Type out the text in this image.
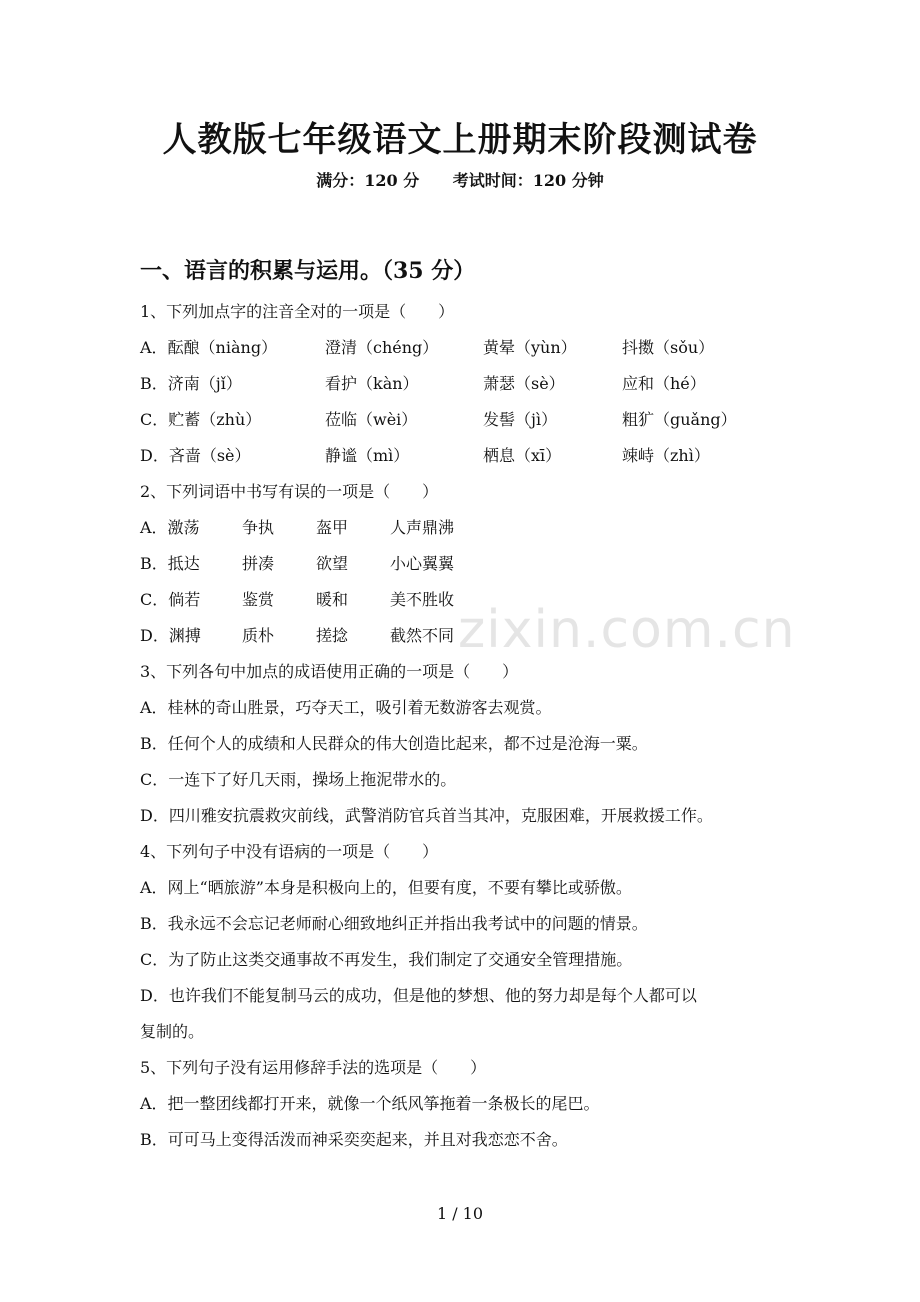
人教版七年级语文上册期末阶段测试卷
满分：120 分 考试时间：120 分钟
一、语言的积累与运用。（35 分）
1、下列加点字的注音全对的一项是（　　）
A．酝酿（niàng）	澄清（chéng）	黄晕（yùn）	抖擞（sǒu）
B．济南（jǐ）	看护（kàn）	萧瑟（sè）	应和（hé）
C．贮蓄（zhù）	莅临（wèi）	发髻（jì）	粗犷（guǎng）
D．吝啬（sè）	静谧（mì）	栖息（xī）	竦峙（zhì）
2、下列词语中书写有误的一项是（　　）
A．激荡	争执	盔甲	人声鼎沸
B．抵达	拼凑	欲望	小心翼翼
C．倘若	鉴赏	暖和	美不胜收
D．渊搏	质朴	搓捻	截然不同
3、下列各句中加点的成语使用正确的一项是（　　）
A．桂林的奇山胜景，巧夺天工，吸引着无数游客去观赏。
B．任何个人的成绩和人民群众的伟大创造比起来，都不过是沧海一粟。
C．一连下了好几天雨，操场上拖泥带水的。
D．四川雅安抗震救灾前线，武警消防官兵首当其冲，克服困难，开展救援工作。
4、下列句子中没有语病的一项是（　　）
A．网上“晒旅游”本身是积极向上的，但要有度，不要有攀比或骄傲。
B．我永远不会忘记老师耐心细致地纠正并指出我考试中的问题的情景。
C．为了防止这类交通事故不再发生，我们制定了交通安全管理措施。
D．也许我们不能复制马云的成功，但是他的梦想、他的努力却是每个人都可以
复制的。
5、下列句子没有运用修辞手法的选项是（　　）
A．把一整团线都打开来，就像一个纸风筝拖着一条极长的尾巴。
B．可可马上变得活泼而神采奕奕起来，并且对我恋恋不舍。
zixin.com.cn
1 / 10
